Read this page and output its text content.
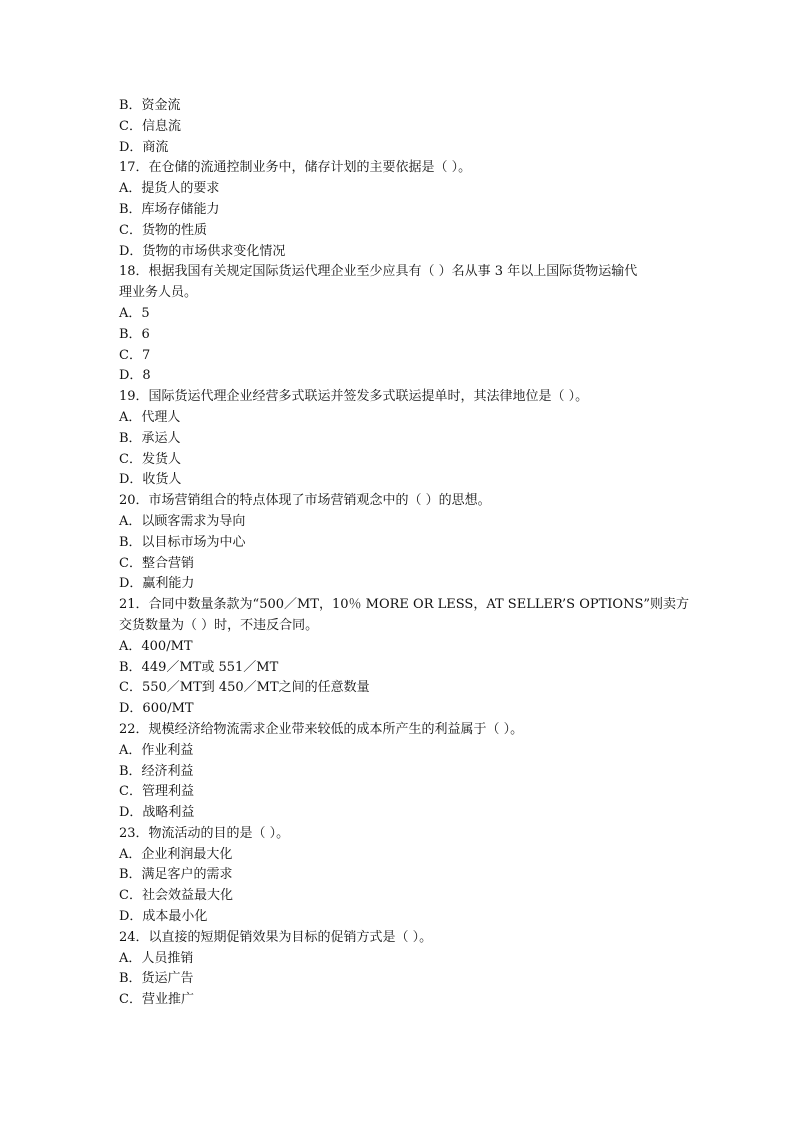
B．资金流

C．信息流

D．商流

17．在仓储的流通控制业务中，储存计划的主要依据是（ ）。

A．提货人的要求

B．库场存储能力

C．货物的性质

D．货物的市场供求变化情况

18．根据我国有关规定国际货运代理企业至少应具有（ ）名从事 3 年以上国际货物运输代

理业务人员。

A．5

B．6

C．7

D．8

19．国际货运代理企业经营多式联运并签发多式联运提单时，其法律地位是（ ）。

A．代理人

B．承运人

C．发货人

D．收货人

20．市场营销组合的特点体现了市场营销观念中的（ ）的思想。

A．以顾客需求为导向

B．以目标市场为中心

C．整合营销

D．赢利能力

21．合同中数量条款为“500／MT，10％ MORE OR LESS，AT SELLER’S OPTIONS”则卖方

交货数量为（ ）时，不违反合同。

A．400/MT

B．449／MT或 551／MT

C．550／MT到 450／MT之间的任意数量

D．600/MT

22．规模经济给物流需求企业带来较低的成本所产生的利益属于（ ）。

A．作业利益

B．经济利益

C．管理利益

D．战略利益

23．物流活动的目的是（ ）。

A．企业利润最大化

B．满足客户的需求

C．社会效益最大化

D．成本最小化

24．以直接的短期促销效果为目标的促销方式是（ ）。

A．人员推销

B．货运广告

C．营业推广
